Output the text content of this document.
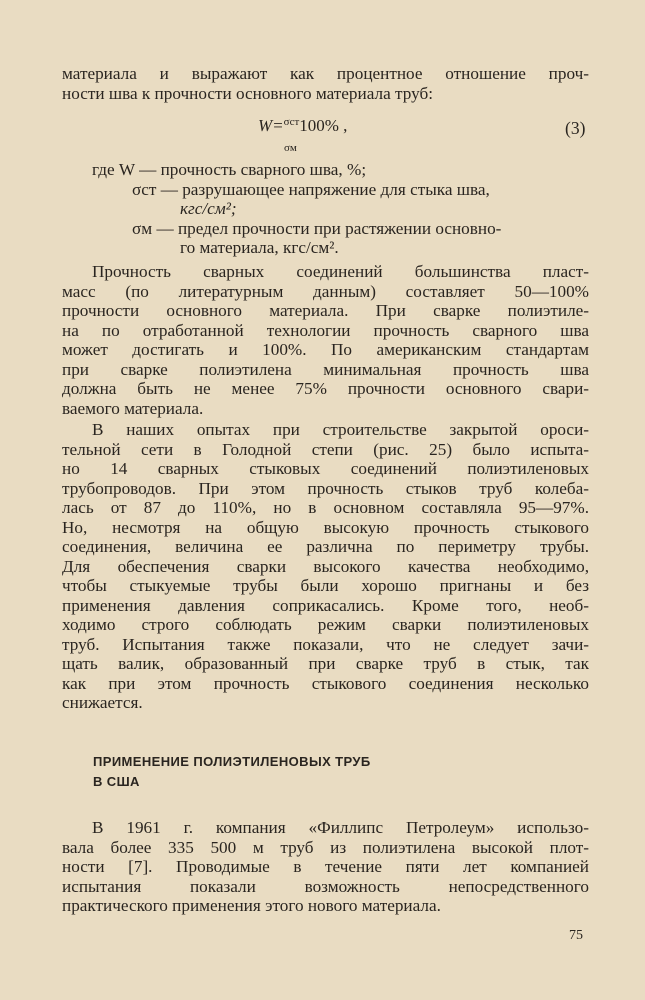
материала и выражают как процентное отношение проч-
ности шва к прочности основного материала труб:
W=$^{\sigma ст}$100% ,
σм
(3)
где W — прочность сварного шва, %;
σст — разрушающее напряжение для стыка шва,
кгс/см²;
σм — предел прочности при растяжении основно-
го материала, кгс/см².
Прочность сварных соединений большинства пласт-
масс (по литературным данным) составляет 50—100%
прочности основного материала. При сварке полиэтиле-
на по отработанной технологии прочность сварного шва
может достигать и 100%. По американским стандартам
при сварке полиэтилена минимальная прочность шва
должна быть не менее 75% прочности основного свари-
ваемого материала.
В наших опытах при строительстве закрытой ороси-
тельной сети в Голодной степи (рис. 25) было испыта-
но 14 сварных стыковых соединений полиэтиленовых
трубопроводов. При этом прочность стыков труб колеба-
лась от 87 до 110%, но в основном составляла 95—97%.
Но, несмотря на общую высокую прочность стыкового
соединения, величина ее различна по периметру трубы.
Для обеспечения сварки высокого качества необходимо,
чтобы стыкуемые трубы были хорошо пригнаны и без
применения давления соприкасались. Кроме того, необ-
ходимо строго соблюдать режим сварки полиэтиленовых
труб. Испытания также показали, что не следует зачи-
щать валик, образованный при сварке труб в стык, так
как при этом прочность стыкового соединения несколько
снижается.
ПРИМЕНЕНИЕ ПОЛИЭТИЛЕНОВЫХ ТРУБ
В США
В 1961 г. компания «Филлипс Петролеум» использо-
вала более 335 500 м труб из полиэтилена высокой плот-
ности [7]. Проводимые в течение пяти лет компанией
испытания показали возможность непосредственного
практического применения этого нового материала.
75
